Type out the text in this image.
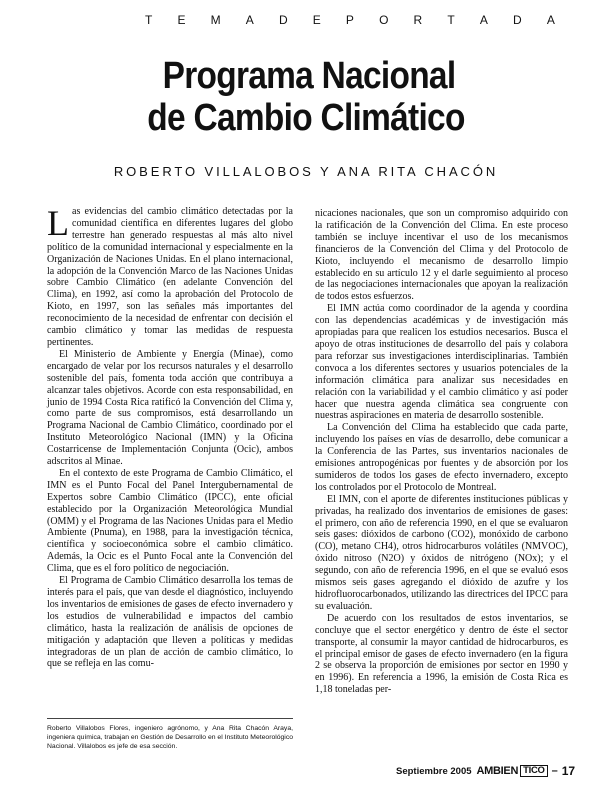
T E M A D E P O R T A D A
Programa Nacional
de Cambio Climático
ROBERTO VILLALOBOS Y ANA RITA CHACÓN

Las evidencias del cambio climático detectadas por la comunidad científica en diferentes lugares del globo terrestre han generado respuestas al más alto nivel político de la comunidad internacional y especialmente en la Organización de Naciones Unidas. En el plano internacional, la adopción de la Convención Marco de las Naciones Unidas sobre Cambio Climático (en adelante Convención del Clima), en 1992, así como la aprobación del Protocolo de Kioto, en 1997, son las señales más importantes del reconocimiento de la necesidad de enfrentar con decisión el cambio climático y tomar las medidas de respuesta pertinentes.

El Ministerio de Ambiente y Energía (Minae), como encargado de velar por los recursos naturales y el desarrollo sostenible del país, fomenta toda acción que contribuya a alcanzar tales objetivos. Acorde con esta responsabilidad, en junio de 1994 Costa Rica ratificó la Convención del Clima y, como parte de sus compromisos, está desarrollando un Programa Nacional de Cambio Climático, coordinado por el Instituto Meteorológico Nacional (IMN) y la Oficina Costarricense de Implementación Conjunta (Ocic), ambos adscritos al Minae.

En el contexto de este Programa de Cambio Climático, el IMN es el Punto Focal del Panel Intergubernamental de Expertos sobre Cambio Climático (IPCC), ente oficial establecido por la Organización Meteorológica Mundial (OMM) y el Programa de las Naciones Unidas para el Medio Ambiente (Pnuma), en 1988, para la investigación técnica, científica y socioeconómica sobre el cambio climático. Además, la Ocic es el Punto Focal ante la Convención del Clima, que es el foro político de negociación.

El Programa de Cambio Climático desarrolla los temas de interés para el país, que van desde el diagnóstico, incluyendo los inventarios de emisiones de gases de efecto invernadero y los estudios de vulnerabilidad e impactos del cambio climático, hasta la realización de análisis de opciones de mitigación y adaptación que lleven a políticas y medidas integradoras de un plan de acción de cambio climático, lo que se refleja en las comu-

nicaciones nacionales, que son un compromiso adquirido con la ratificación de la Convención del Clima. En este proceso también se incluye incentivar el uso de los mecanismos financieros de la Convención del Clima y del Protocolo de Kioto, incluyendo el mecanismo de desarrollo limpio establecido en su artículo 12 y el darle seguimiento al proceso de las negociaciones internacionales que apoyan la realización de todos estos esfuerzos.

El IMN actúa como coordinador de la agenda y coordina con las dependencias académicas y de investigación más apropiadas para que realicen los estudios necesarios. Busca el apoyo de otras instituciones de desarrollo del país y colabora para reforzar sus investigaciones interdisciplinarias. También convoca a los diferentes sectores y usuarios potenciales de la información climática para analizar sus necesidades en relación con la variabilidad y el cambio climático y así poder hacer que nuestra agenda climática sea congruente con nuestras aspiraciones en materia de desarrollo sostenible.

La Convención del Clima ha establecido que cada parte, incluyendo los países en vías de desarrollo, debe comunicar a la Conferencia de las Partes, sus inventarios nacionales de emisiones antropogénicas por fuentes y de absorción por los sumideros de todos los gases de efecto invernadero, excepto los controlados por el Protocolo de Montreal.

El IMN, con el aporte de diferentes instituciones públicas y privadas, ha realizado dos inventarios de emisiones de gases: el primero, con año de referencia 1990, en el que se evaluaron seis gases: dióxidos de carbono (CO2), monóxido de carbono (CO), metano CH4), otros hidrocarburos volátiles (NMVOC), óxido nitroso (N2O) y óxidos de nitrógeno (NOx); y el segundo, con año de referencia 1996, en el que se evaluó esos mismos seis gases agregando el dióxido de azufre y los hidrofluorocarbonados, utilizando las directrices del IPCC para su evaluación.

De acuerdo con los resultados de estos inventarios, se concluye que el sector energético y dentro de éste el sector transporte, al consumir la mayor cantidad de hidrocarburos, es el principal emisor de gases de efecto invernadero (en la figura 2 se observa la proporción de emisiones por sector en 1990 y en 1996). En referencia a 1996, la emisión de Costa Rica es 1,18 toneladas per-

Roberto Villalobos Flores, ingeniero agrónomo, y Ana Rita Chacón Araya, ingeniera química, trabajan en Gestión de Desarrollo en el Instituto Meteorológico Nacional. Villalobos es jefe de esa sección.
Septiembre 2005 AMBIEN TICO – 17
